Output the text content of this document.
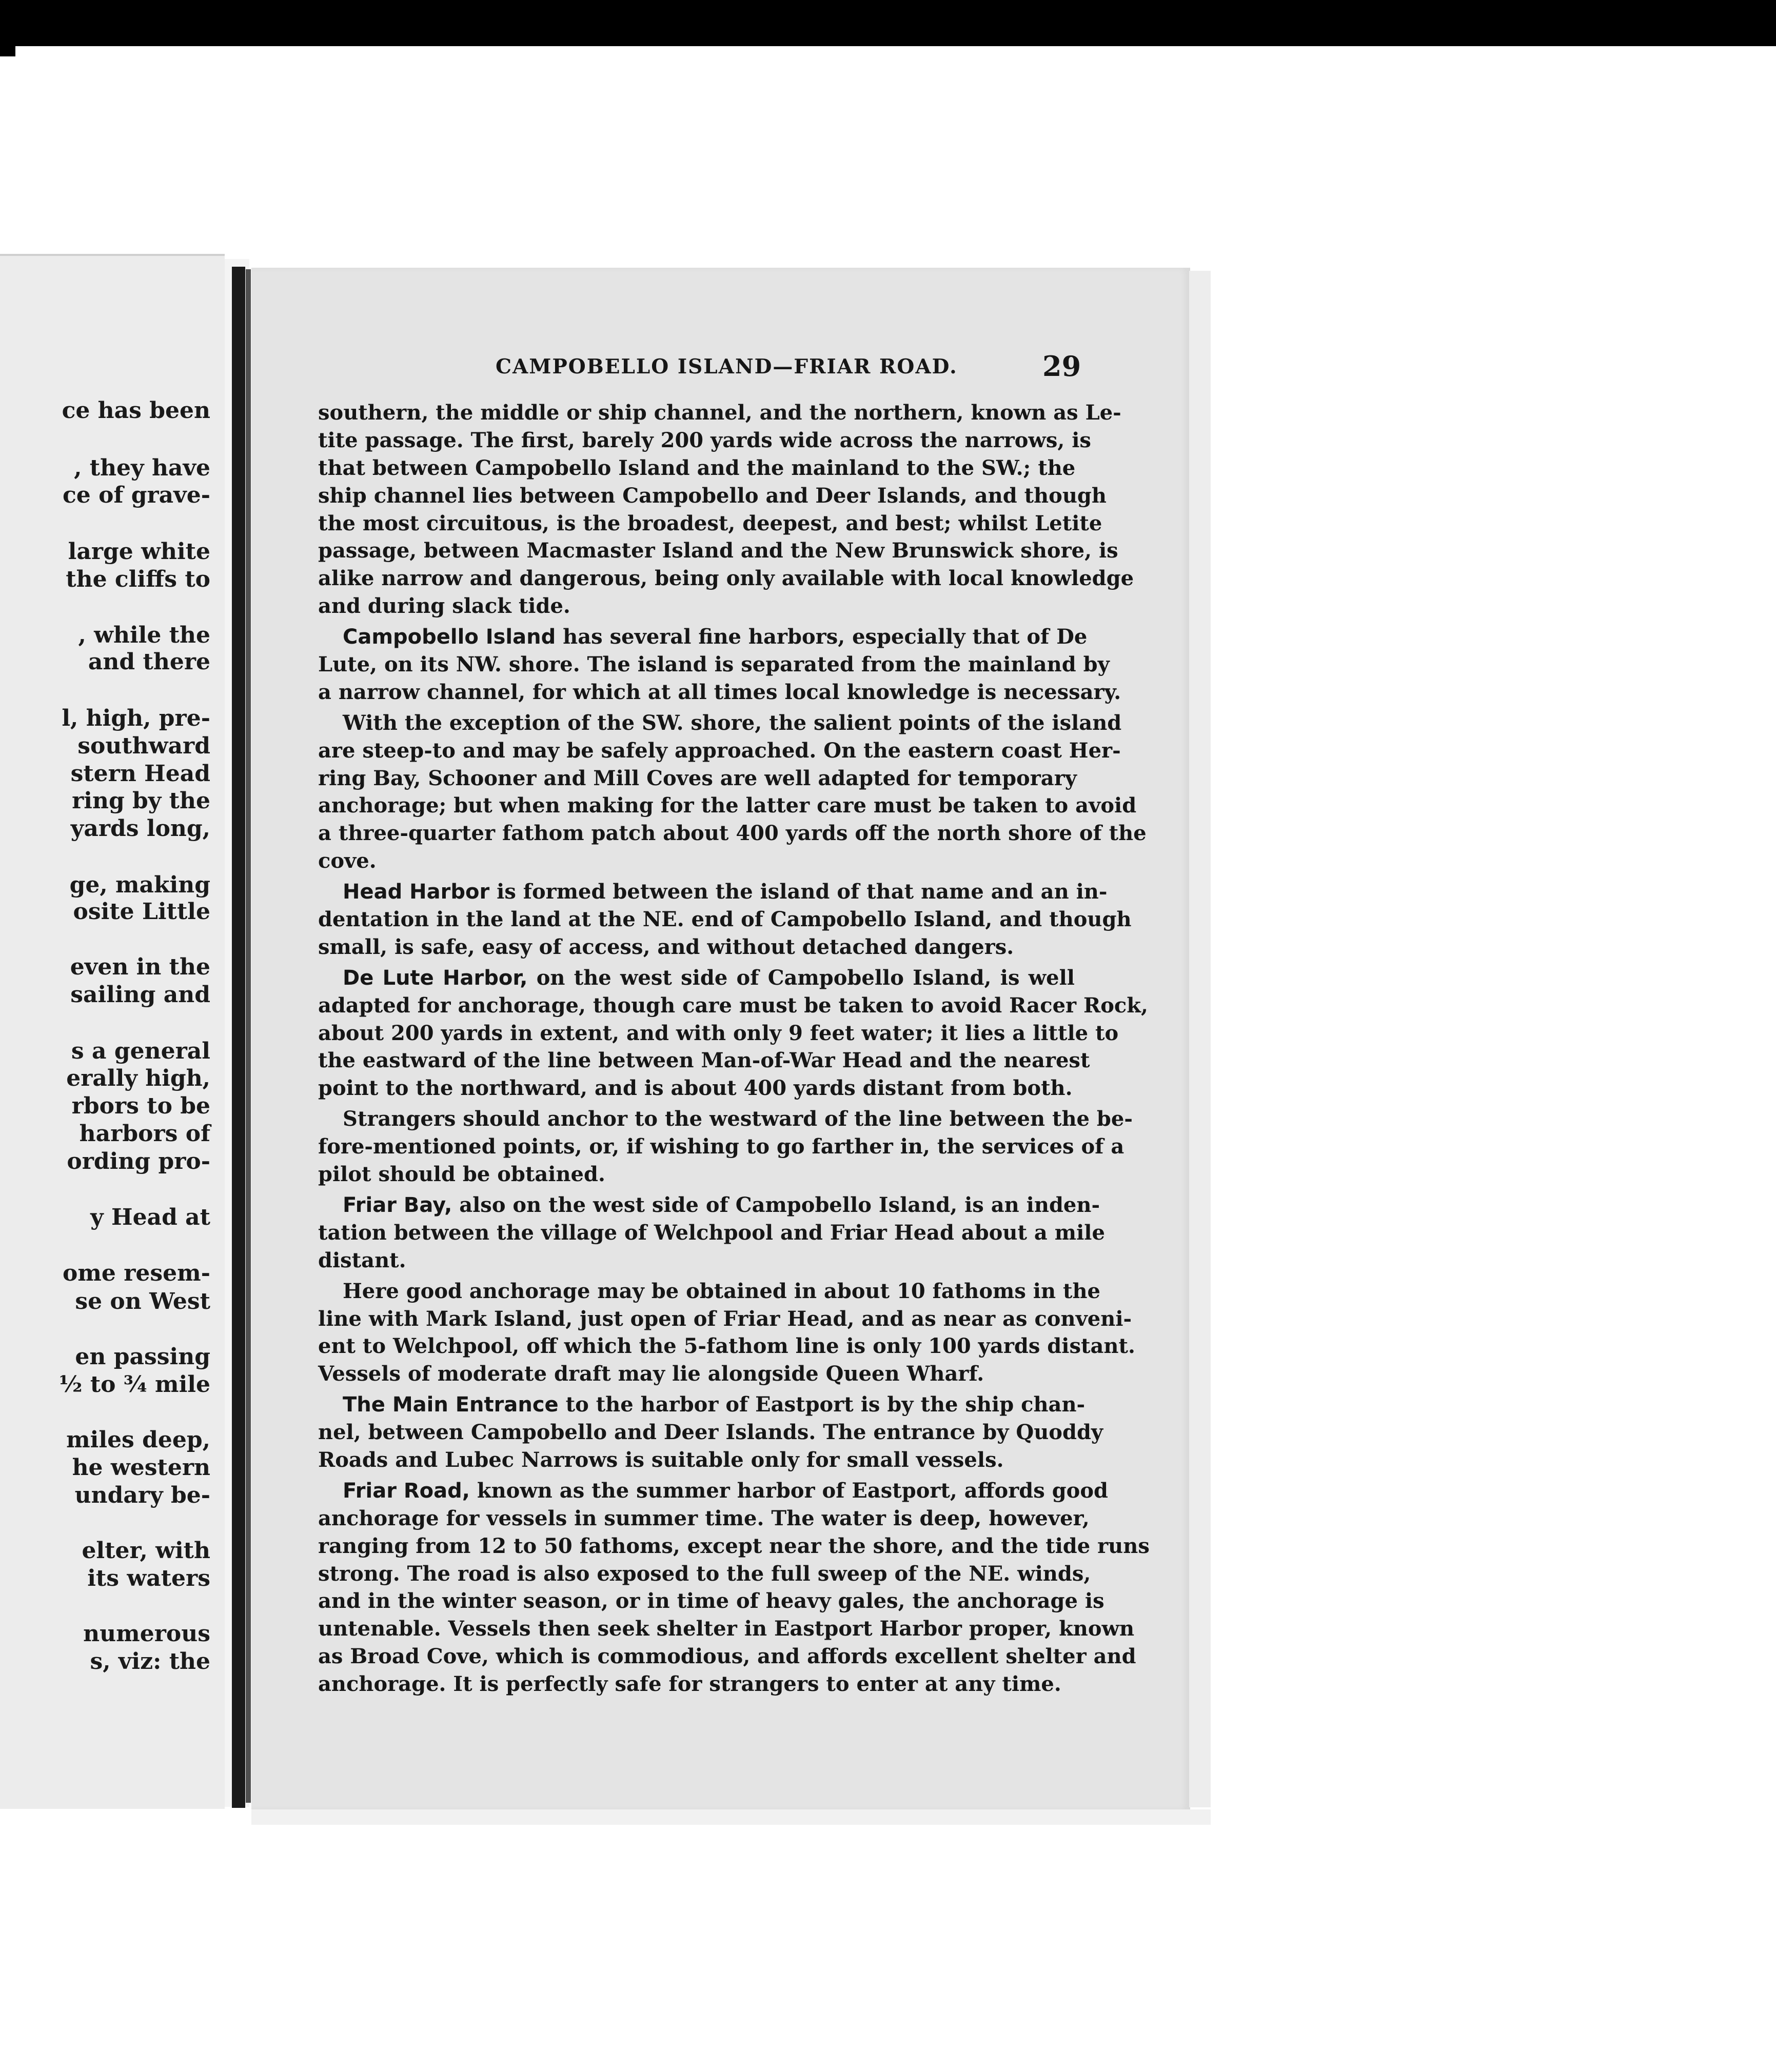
ce has been
, they have
ce of grave-
large white
the cliffs to
, while the
and there
l, high, pre-
southward
stern Head
ring by the
yards long,
ge, making
osite Little
even in the
sailing and
s a general
erally high,
rbors to be
harbors of
ording pro-
y Head at
ome resem-
se on West
en passing
½ to ¾ mile
miles deep,
he western
undary be-
elter, with
its waters
numerous
s, viz: the
CAMPOBELLO ISLAND—FRIAR ROAD.	29
southern, the middle or ship channel, and the northern, known as Le-
tite passage. The first, barely 200 yards wide across the narrows, is
that between Campobello Island and the mainland to the SW.; the
ship channel lies between Campobello and Deer Islands, and though
the most circuitous, is the broadest, deepest, and best; whilst Letite
passage, between Macmaster Island and the New Brunswick shore, is
alike narrow and dangerous, being only available with local knowledge
and during slack tide.
Campobello Island has several fine harbors, especially that of De
Lute, on its NW. shore. The island is separated from the mainland by
a narrow channel, for which at all times local knowledge is necessary.
With the exception of the SW. shore, the salient points of the island
are steep-to and may be safely approached. On the eastern coast Her-
ring Bay, Schooner and Mill Coves are well adapted for temporary
anchorage; but when making for the latter care must be taken to avoid
a three-quarter fathom patch about 400 yards off the north shore of the
cove.
Head Harbor is formed between the island of that name and an in-
dentation in the land at the NE. end of Campobello Island, and though
small, is safe, easy of access, and without detached dangers.
De Lute Harbor, on the west side of Campobello Island, is well
adapted for anchorage, though care must be taken to avoid Racer Rock,
about 200 yards in extent, and with only 9 feet water; it lies a little to
the eastward of the line between Man-of-War Head and the nearest
point to the northward, and is about 400 yards distant from both.
Strangers should anchor to the westward of the line between the be-
fore-mentioned points, or, if wishing to go farther in, the services of a
pilot should be obtained.
Friar Bay, also on the west side of Campobello Island, is an inden-
tation between the village of Welchpool and Friar Head about a mile
distant.
Here good anchorage may be obtained in about 10 fathoms in the
line with Mark Island, just open of Friar Head, and as near as conveni-
ent to Welchpool, off which the 5-fathom line is only 100 yards distant.
Vessels of moderate draft may lie alongside Queen Wharf.
The Main Entrance to the harbor of Eastport is by the ship chan-
nel, between Campobello and Deer Islands. The entrance by Quoddy
Roads and Lubec Narrows is suitable only for small vessels.
Friar Road, known as the summer harbor of Eastport, affords good
anchorage for vessels in summer time. The water is deep, however,
ranging from 12 to 50 fathoms, except near the shore, and the tide runs
strong. The road is also exposed to the full sweep of the NE. winds,
and in the winter season, or in time of heavy gales, the anchorage is
untenable. Vessels then seek shelter in Eastport Harbor proper, known
as Broad Cove, which is commodious, and affords excellent shelter and
anchorage. It is perfectly safe for strangers to enter at any time.
